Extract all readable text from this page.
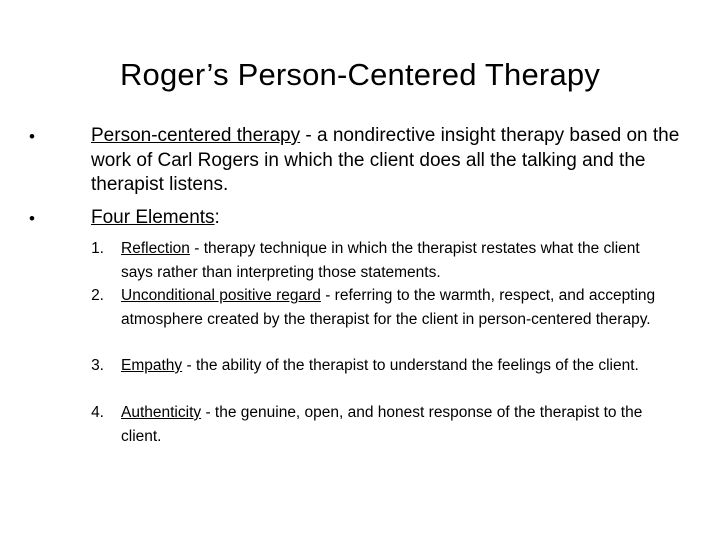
Roger’s Person-Centered Therapy
•	Person-centered therapy - a nondirective insight therapy based on the work of Carl Rogers in which the client does all the talking and the therapist listens.
•	Four Elements:
1. Reflection - therapy technique in which the therapist restates what the client says rather than interpreting those statements.
2. Unconditional positive regard - referring to the warmth, respect, and accepting atmosphere created by the therapist for the client in person-centered therapy.
3. Empathy - the ability of the therapist to understand the feelings of the client.
4. Authenticity - the genuine, open, and honest response of the therapist to the client.
